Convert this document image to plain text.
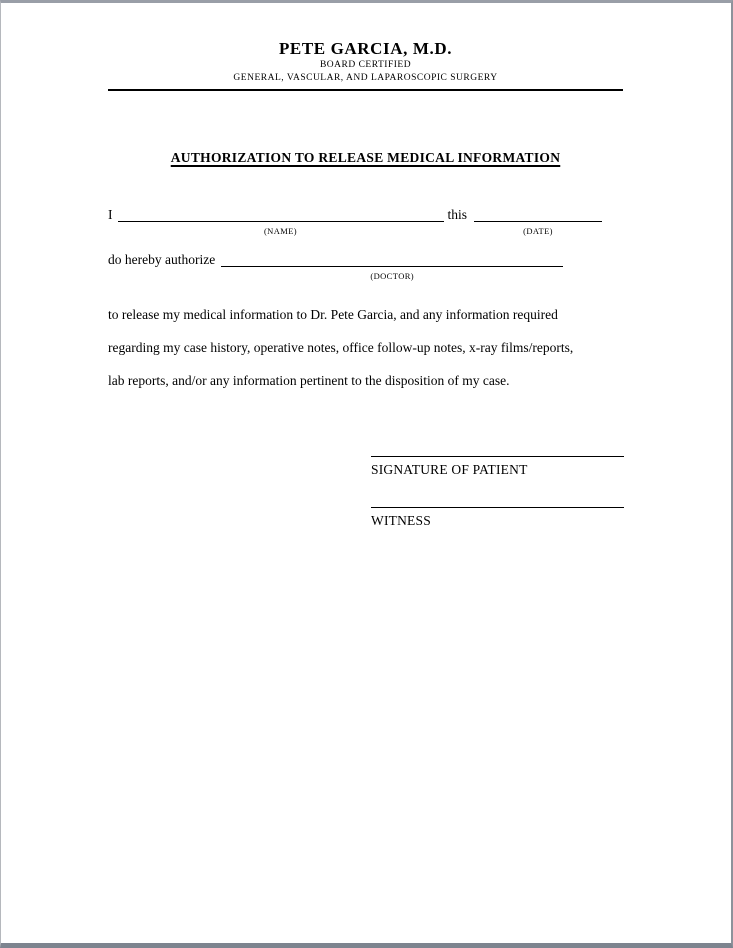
PETE GARCIA, M.D.
BOARD CERTIFIED
GENERAL, VASCULAR, AND LAPAROSCOPIC SURGERY
AUTHORIZATION TO RELEASE MEDICAL INFORMATION
I
(NAME)
this
(DATE)
do hereby authorize
(DOCTOR)
to release my medical information to Dr. Pete Garcia, and any information required
regarding my case history, operative notes, office follow-up notes, x-ray films/reports,
lab reports, and/or any information pertinent to the disposition of my case.
SIGNATURE OF PATIENT
WITNESS
